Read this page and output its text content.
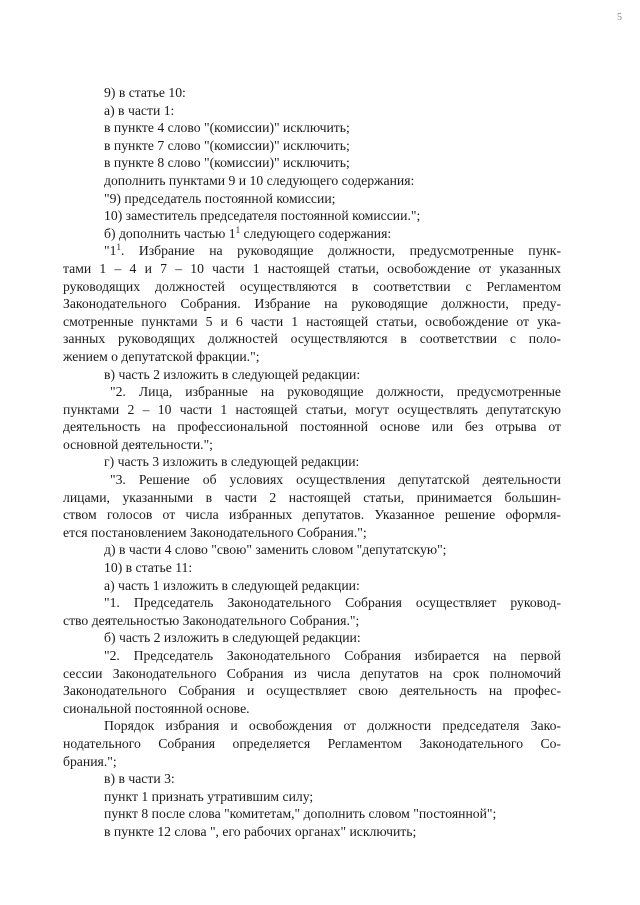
5
9) в статье 10:
а) в части 1:
в пункте 4 слово "(комиссии)" исключить;
в пункте 7 слово "(комиссии)" исключить;
в пункте 8 слово "(комиссии)" исключить;
дополнить пунктами 9 и 10 следующего содержания:
"9) председатель постоянной комиссии;
10) заместитель председателя постоянной комиссии.";
б) дополнить частью $1^1$ следующего содержания:
"$1^1$. Избрание на руководящие должности, предусмотренные пунк-
тами 1 – 4 и 7 – 10 части 1 настоящей статьи, освобождение от указанных
руководящих должностей осуществляются в соответствии с Регламентом
Законодательного Собрания. Избрание на руководящие должности, преду-
смотренные пунктами 5 и 6 части 1 настоящей статьи, освобождение от ука-
занных руководящих должностей осуществляются в соответствии с поло-
жением о депутатской фракции.";
в) часть 2 изложить в следующей редакции:
"2. Лица, избранные на руководящие должности, предусмотренные
пунктами 2 – 10 части 1 настоящей статьи, могут осуществлять депутатскую
деятельность на профессиональной постоянной основе или без отрыва от
основной деятельности.";
г) часть 3 изложить в следующей редакции:
"3. Решение об условиях осуществления депутатской деятельности
лицами, указанными в части 2 настоящей статьи, принимается большин-
ством голосов от числа избранных депутатов. Указанное решение оформля-
ется постановлением Законодательного Собрания.";
д) в части 4 слово "свою" заменить словом "депутатскую";
10) в статье 11:
а) часть 1 изложить в следующей редакции:
"1. Председатель Законодательного Собрания осуществляет руковод-
ство деятельностью Законодательного Собрания.";
б) часть 2 изложить в следующей редакции:
"2. Председатель Законодательного Собрания избирается на первой
сессии Законодательного Собрания из числа депутатов на срок полномочий
Законодательного Собрания и осуществляет свою деятельность на профес-
сиональной постоянной основе.
Порядок избрания и освобождения от должности председателя Зако-
нодательного Собрания определяется Регламентом Законодательного Со-
брания.";
в) в части 3:
пункт 1 признать утратившим силу;
пункт 8 после слова "комитетам," дополнить словом "постоянной";
в пункте 12 слова ", его рабочих органах" исключить;
